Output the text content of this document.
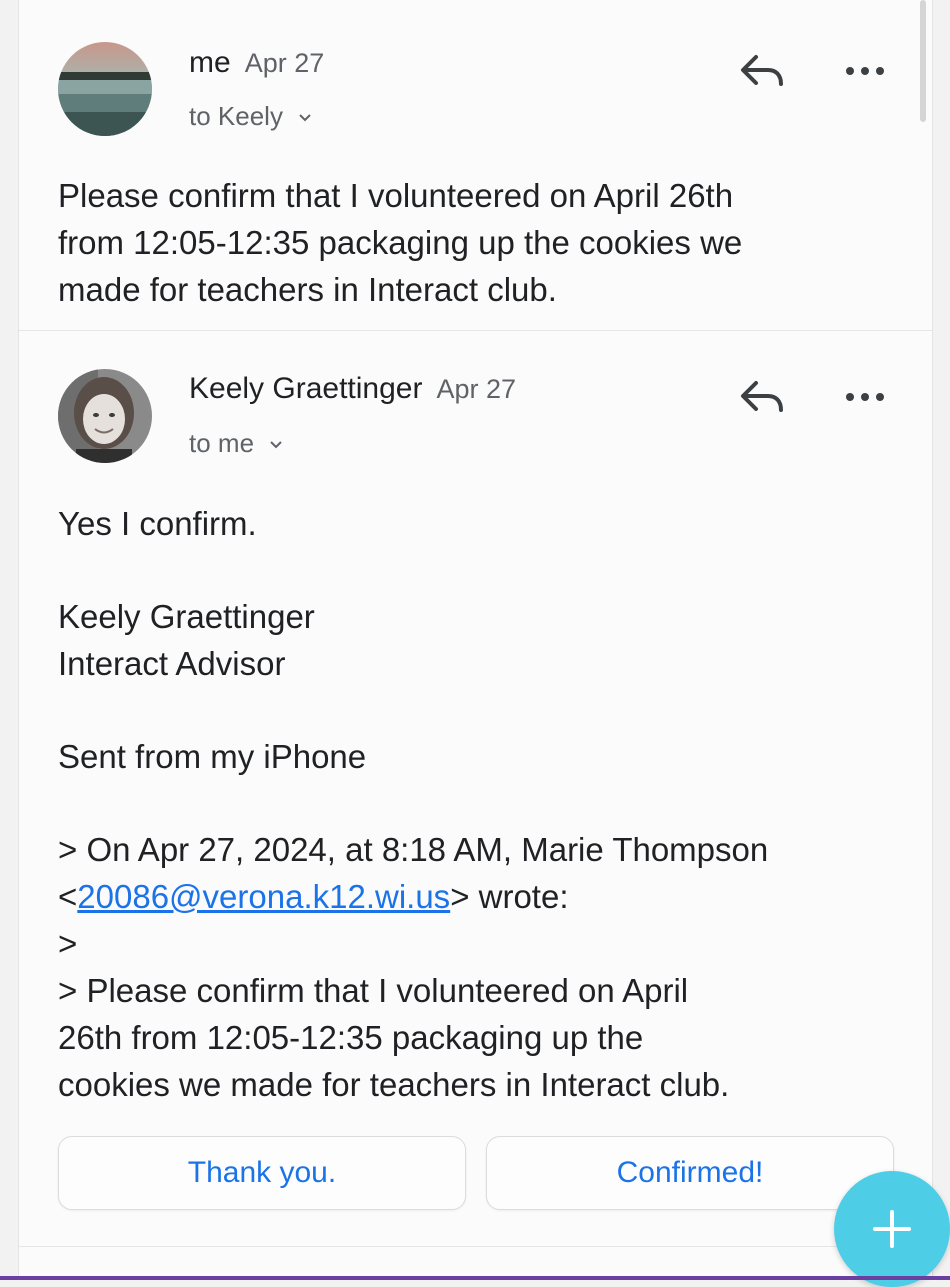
me Apr 27
to Keely

Please confirm that I volunteered on April 26th

from 12:05-12:35 packaging up the cookies we

made for teachers in Interact club.

Keely Graettinger Apr 27
to me

Yes I confirm.

Keely Graettinger

Interact Advisor

Sent from my iPhone

> On Apr 27, 2024, at 8:18 AM, Marie Thompson

<20086@verona.k12.wi.us> wrote:

>

> Please confirm that I volunteered on April

26th from 12:05-12:35 packaging up the

cookies we made for teachers in Interact club.

Thank you.	Confirmed!
